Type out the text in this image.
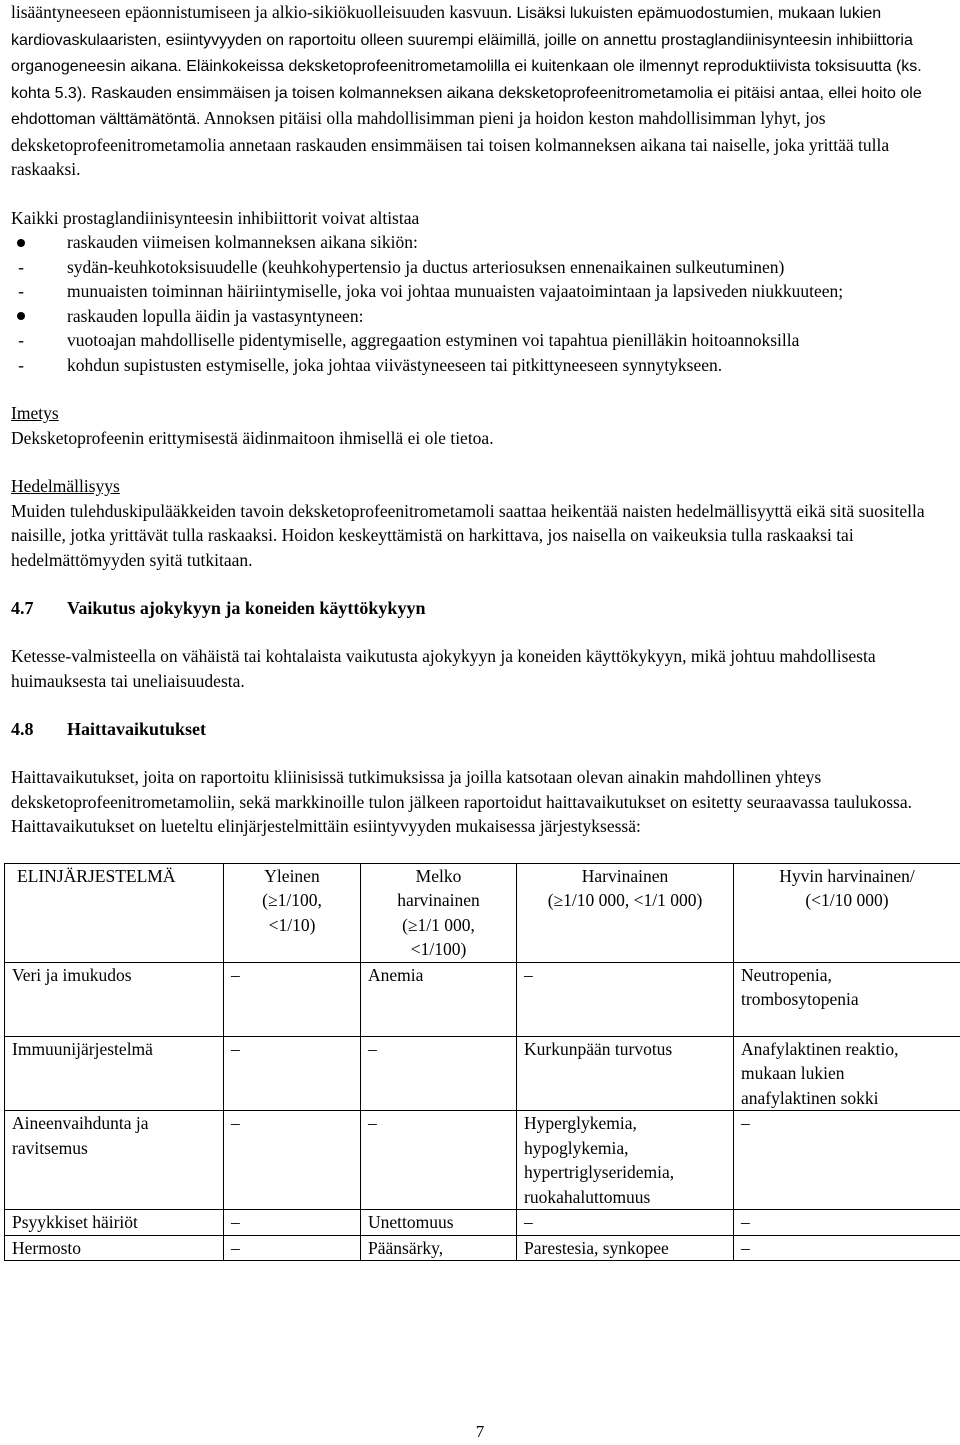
lisääntyneeseen epäonnistumiseen ja alkio-sikiökuolleisuuden kasvuun. Lisäksi lukuisten epämuodostumien, mukaan lukien kardiovaskulaaristen, esiintyvyyden on raportoitu olleen suurempi eläimillä, joille on annettu prostaglandiinisynteesin inhibiittoria organogeneesin aikana. Eläinkokeissa deksketoprofeenitrometamolilla ei kuitenkaan ole ilmennyt reproduktiivista toksisuutta (ks. kohta 5.3). Raskauden ensimmäisen ja toisen kolmanneksen aikana deksketoprofeenitrometamolia ei pitäisi antaa, ellei hoito ole ehdottoman välttämätöntä. Annoksen pitäisi olla mahdollisimman pieni ja hoidon keston mahdollisimman lyhyt, jos deksketoprofeenitrometamolia annetaan raskauden ensimmäisen tai toisen kolmanneksen aikana tai naiselle, joka yrittää tulla raskaaksi.

Kaikki prostaglandiinisynteesin inhibiittorit voivat altistaa

raskauden viimeisen kolmanneksen aikana sikiön:
-	sydän-keuhkotoksisuudelle (keuhkohypertensio ja ductus arteriosuksen ennenaikainen sulkeutuminen)
-	munuaisten toiminnan häiriintymiselle, joka voi johtaa munuaisten vajaatoimintaan ja lapsiveden niukkuuteen;
raskauden lopulla äidin ja vastasyntyneen:
-	vuotoajan mahdolliselle pidentymiselle, aggregaation estyminen voi tapahtua pienilläkin hoitoannoksilla
-	kohdun supistusten estymiselle, joka johtaa viivästyneeseen tai pitkittyneeseen synnytykseen.

Imetys

Deksketoprofeenin erittymisestä äidinmaitoon ihmisellä ei ole tietoa.

Hedelmällisyys

Muiden tulehduskipulääkkeiden tavoin deksketoprofeenitrometamoli saattaa heikentää naisten hedelmällisyyttä eikä sitä suositella naisille, jotka yrittävät tulla raskaaksi. Hoidon keskeyttämistä on harkittava, jos naisella on vaikeuksia tulla raskaaksi tai hedelmättömyyden syitä tutkitaan.

4.7 Vaikutus ajokykyyn ja koneiden käyttökykyyn

Ketesse-valmisteella on vähäistä tai kohtalaista vaikutusta ajokykyyn ja koneiden käyttökykyyn, mikä johtuu mahdollisesta huimauksesta tai uneliaisuudesta.

4.8 Haittavaikutukset

Haittavaikutukset, joita on raportoitu kliinisissä tutkimuksissa ja joilla katsotaan olevan ainakin mahdollinen yhteys deksketoprofeenitrometamoliin, sekä markkinoille tulon jälkeen raportoidut haittavaikutukset on esitetty seuraavassa taulukossa. Haittavaikutukset on lueteltu elinjärjestelmittäin esiintyvyyden mukaisessa järjestyksessä:

ELINJÄRJESTELMÄ	Yleinen
(≥1/100,
<1/10)	Melko
harvinainen
(≥1/1 000,
<1/100)	Harvinainen
(≥1/10 000, <1/1 000)	Hyvin harvinainen/
(<1/10 000)
Veri ja imukudos	–	Anemia	–	Neutropenia,
trombosytopenia
Immuunijärjestelmä	–	–	Kurkunpään turvotus	Anafylaktinen reaktio,
mukaan lukien
anafylaktinen sokki
Aineenvaihdunta ja
ravitsemus	–	–	Hyperglykemia,
hypoglykemia,
hypertriglyseridemia,
ruokahaluttomuus	–
Psyykkiset häiriöt	–	Unettomuus	–	–
Hermosto	–	Päänsärky,	Parestesia, synkopee	–
7
